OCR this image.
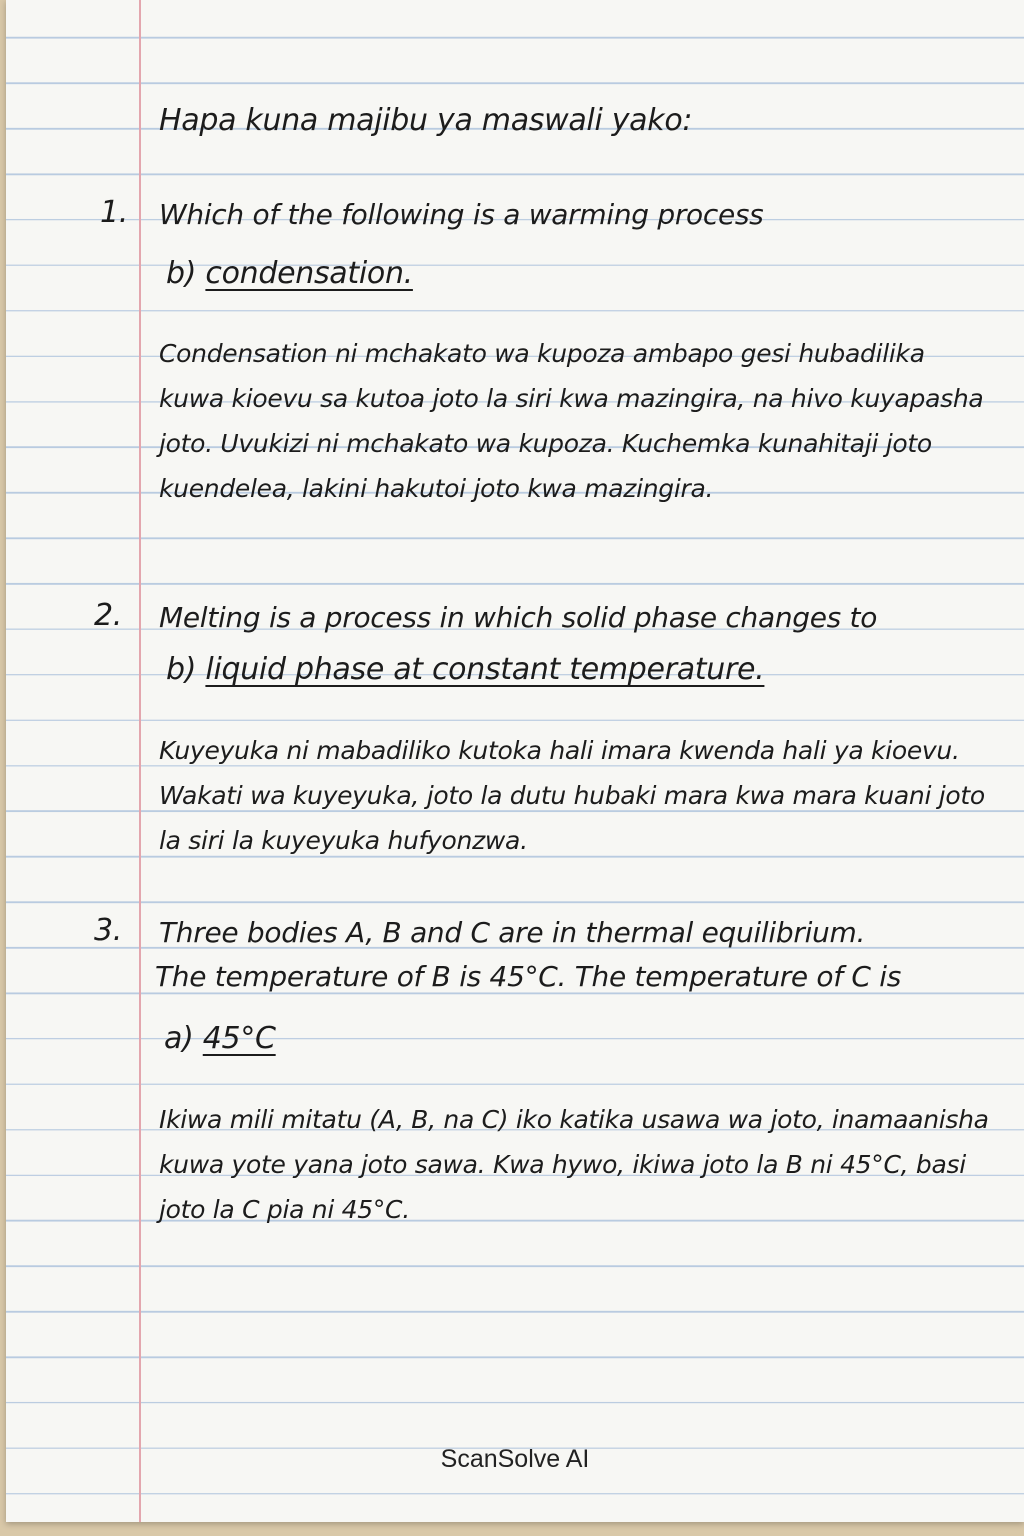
Hapa kuna majibu ya maswali yako:
1. Which of the following is a warming process
b) condensation.
Condensation ni mchakato wa kupoza ambapo gesi hubadilika kuwa kioevu sa kutoa joto la siri kwa mazingira, na hivo kuyapasha joto. Uvukizi ni mchakato wa kupoza. Kuchemka kunahitaji joto kuendelea, lakini hakutoi joto kwa mazingira.
2. Melting is a process in which solid phase changes to
b) liquid phase at constant temperature.
Kuyeyuka ni mabadiliko kutoka hali imara kwenda hali ya kioevu. Wakati wa kuyeyuka, joto la dutu hubaki mara kwa mara kuani joto la siri la kuyeyuka hufyonzwa.
3. Three bodies A, B and C are in thermal equilibrium.
The temperature of B is 45°C. The temperature of C is
a) 45°C
Ikiwa mili mitatu (A, B, na C) iko katika usawa wa joto, inamaanisha kuwa yote yana joto sawa. Kwa hywo, ikiwa joto la B ni 45°C, basi joto la C pia ni 45°C.
ScanSolve AI
